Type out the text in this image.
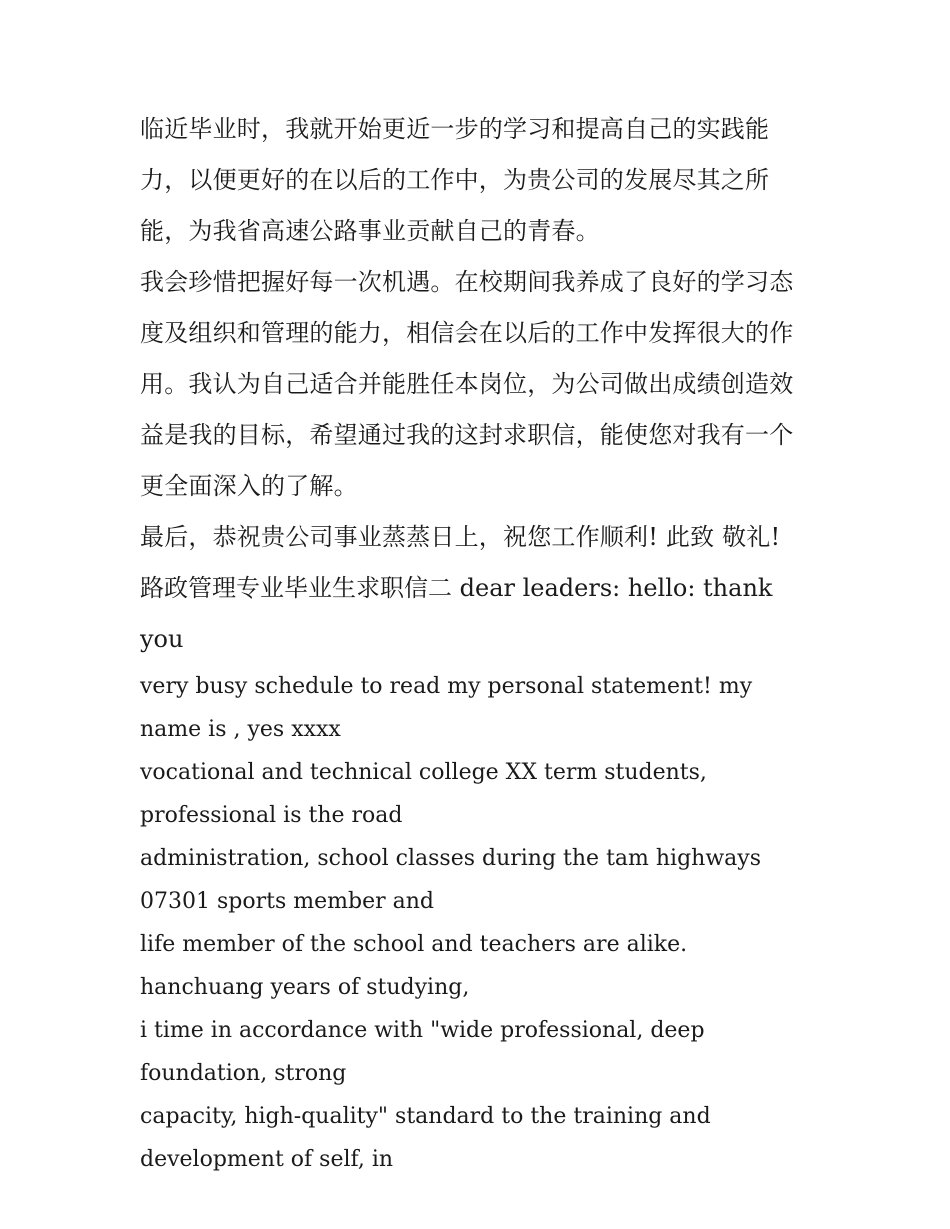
临近毕业时，我就开始更近一步的学习和提高自己的实践能

力，以便更好的在以后的工作中，为贵公司的发展尽其之所

能，为我省高速公路事业贡献自己的青春。

我会珍惜把握好每一次机遇。在校期间我养成了良好的学习态

度及组织和管理的能力，相信会在以后的工作中发挥很大的作

用。我认为自己适合并能胜任本岗位，为公司做出成绩创造效

益是我的目标，希望通过我的这封求职信，能使您对我有一个

更全面深入的了解。

最后，恭祝贵公司事业蒸蒸日上，祝您工作顺利! 此致 敬礼!

路政管理专业毕业生求职信二 dear leaders: hello: thank you

very busy schedule to read my personal statement! my name is , yes xxxx

vocational and technical college XX term students, professional is the road

administration, school classes during the tam highways 07301 sports member and

life member of the school and teachers are alike. hanchuang years of studying,

i time in accordance with "wide professional, deep foundation, strong

capacity, high-quality" standard to the training and development of self, in
